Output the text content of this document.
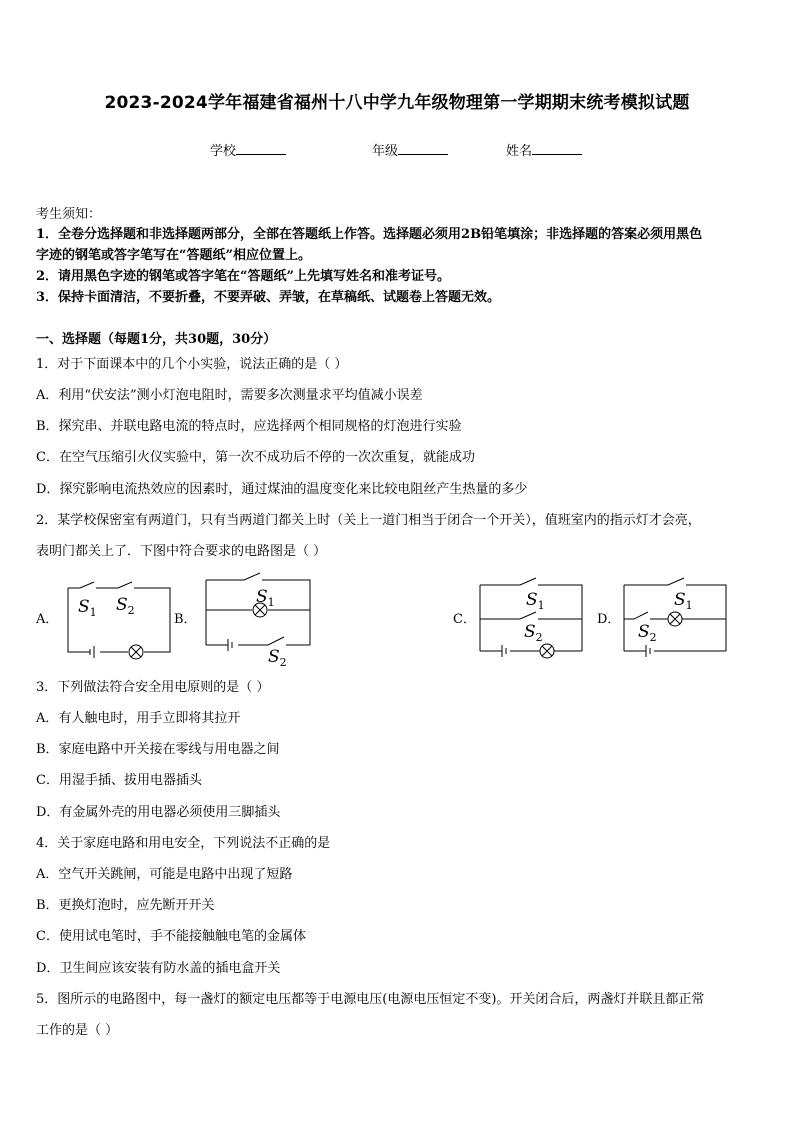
2023-2024学年福建省福州十八中学九年级物理第一学期期末统考模拟试题
学校	年级	姓名
考生须知：
1．全卷分选择题和非选择题两部分，全部在答题纸上作答。选择题必须用2B铅笔填涂；非选择题的答案必须用黑色
字迹的钢笔或答字笔写在“答题纸”相应位置上。
2．请用黑色字迹的钢笔或答字笔在“答题纸”上先填写姓名和准考证号。
3．保持卡面清洁，不要折叠，不要弄破、弄皱，在草稿纸、试题卷上答题无效。
一、选择题（每题1分，共30题，30分）
1．对于下面课本中的几个小实验，说法正确的是（ ）
A．利用“伏安法”测小灯泡电阻时，需要多次测量求平均值减小误差
B．探究串、并联电路电流的特点时，应选择两个相同规格的灯泡进行实验
C．在空气压缩引火仪实验中，第一次不成功后不停的一次次重复，就能成功
D．探究影响电流热效应的因素时，通过煤油的温度变化来比较电阻丝产生热量的多少
2．某学校保密室有两道门，只有当两道门都关上时（关上一道门相当于闭合一个开关），值班室内的指示灯才会亮，
表明门都关上了．下图中符合要求的电路图是（ ）
A．	B．	C．	D．
$S_1$ $S_2$
$S_1$
$S_2$
$S_1$
$S_2$
$S_1$
$S_2$
3．下列做法符合安全用电原则的是（ ）
A．有人触电时，用手立即将其拉开
B．家庭电路中开关接在零线与用电器之间
C．用湿手插、拔用电器插头
D．有金属外壳的用电器必须使用三脚插头
4．关于家庭电路和用电安全，下列说法不正确的是
A．空气开关跳闸，可能是电路中出现了短路
B．更换灯泡时，应先断开开关
C．使用试电笔时，手不能接触触电笔的金属体
D．卫生间应该安装有防水盖的插电盒开关
5．图所示的电路图中，每一盏灯的额定电压都等于电源电压(电源电压恒定不变)。开关闭合后，两盏灯并联且都正常
工作的是（ ）
